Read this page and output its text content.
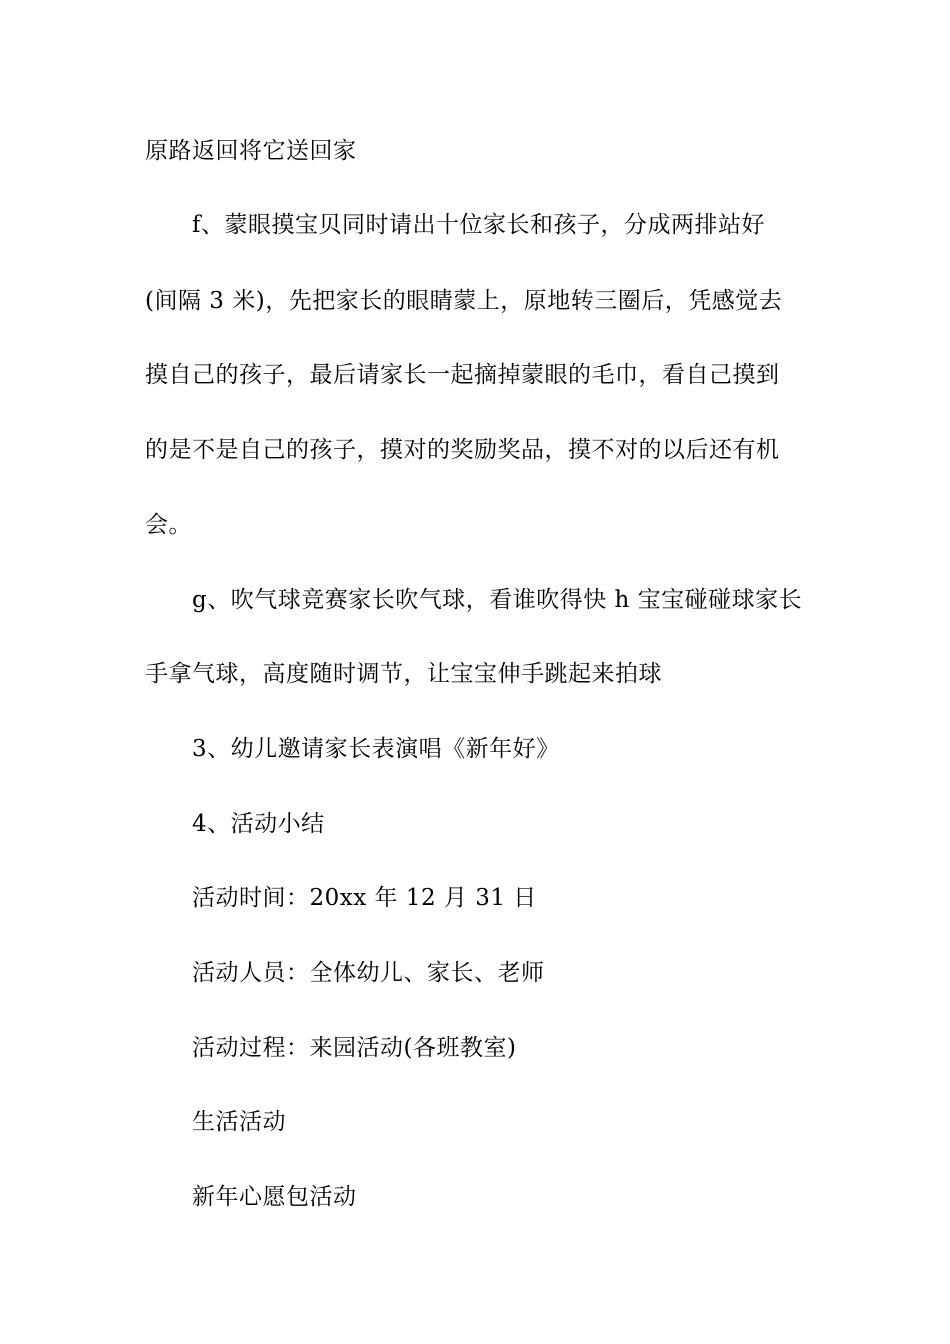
原路返回将它送回家
f、蒙眼摸宝贝同时请出十位家长和孩子，分成两排站好
(间隔 3 米)，先把家长的眼睛蒙上，原地转三圈后，凭感觉去
摸自己的孩子，最后请家长一起摘掉蒙眼的毛巾，看自己摸到
的是不是自己的孩子，摸对的奖励奖品，摸不对的以后还有机
会。
g、吹气球竞赛家长吹气球，看谁吹得快 h 宝宝碰碰球家长
手拿气球，高度随时调节，让宝宝伸手跳起来拍球
3、幼儿邀请家长表演唱《新年好》
4、活动小结
活动时间：20xx 年 12 月 31 日
活动人员：全体幼儿、家长、老师
活动过程：来园活动(各班教室)
生活活动
新年心愿包活动
